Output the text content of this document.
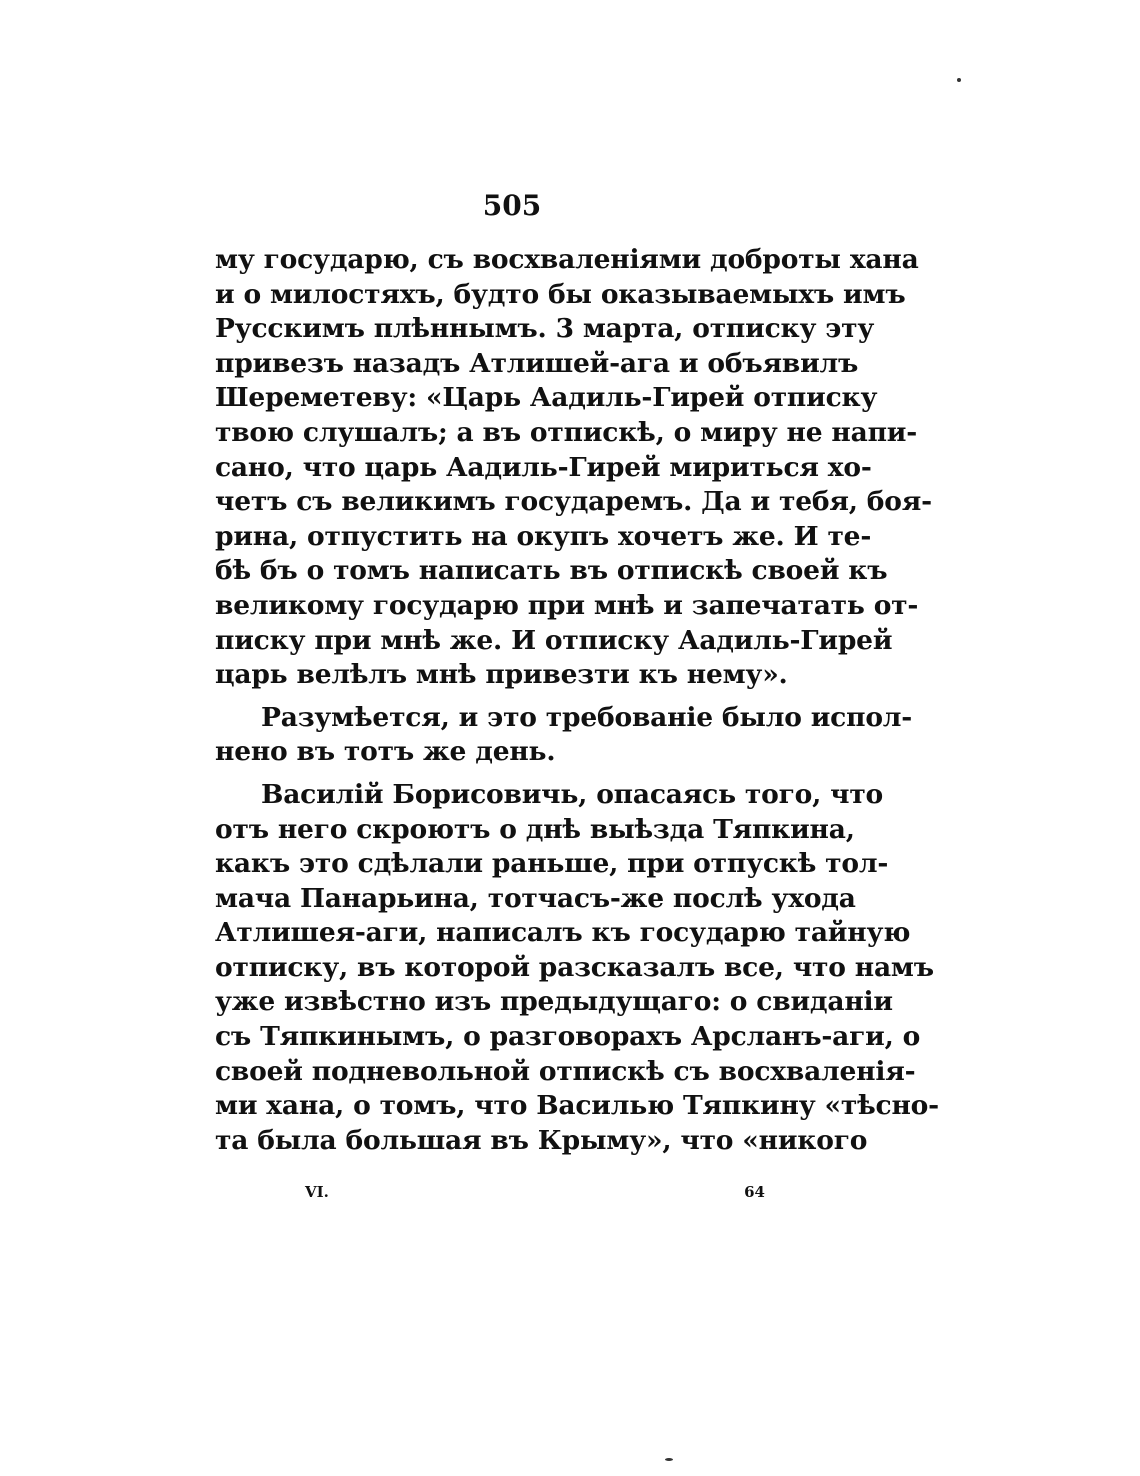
505
му государю, съ восхваленіями доброты хана
и о милостяхъ, будто бы оказываемыхъ имъ
Русскимъ плѣннымъ. 3 марта, отписку эту
привезъ назадъ Атлишей-ага и объявилъ
Шереметеву: «Царь Аадиль-Гирей отписку
твою слушалъ; а въ отпискѣ, о миру не напи-
сано, что царь Аадиль-Гирей мириться хо-
четъ съ великимъ государемъ. Да и тебя, боя-
рина, отпустить на окупъ хочетъ же. И те-
бѣ бъ о томъ написать въ отпискѣ своей къ
великому государю при мнѣ и запечатать от-
писку при мнѣ же. И отписку Аадиль-Гирей
царь велѣлъ мнѣ привезти къ нему».
Разумѣется, и это требованіе было испол-
нено въ тотъ же день.
Василій Борисовичь, опасаясь того, что
отъ него скроютъ о днѣ выѣзда Тяпкина,
какъ это сдѣлали раньше, при отпускѣ тол-
мача Панарьина, тотчасъ-же послѣ ухода
Атлишея-аги, написалъ къ государю тайную
отписку, въ которой разсказалъ все, что намъ
уже извѣстно изъ предыдущаго: о свиданіи
съ Тяпкинымъ, о разговорахъ Арсланъ-аги, о
своей подневольной отпискѣ съ восхваленія-
ми хана, о томъ, что Василью Тяпкину «тѣсно-
та была большая въ Крыму», что «никого
VI.	64
